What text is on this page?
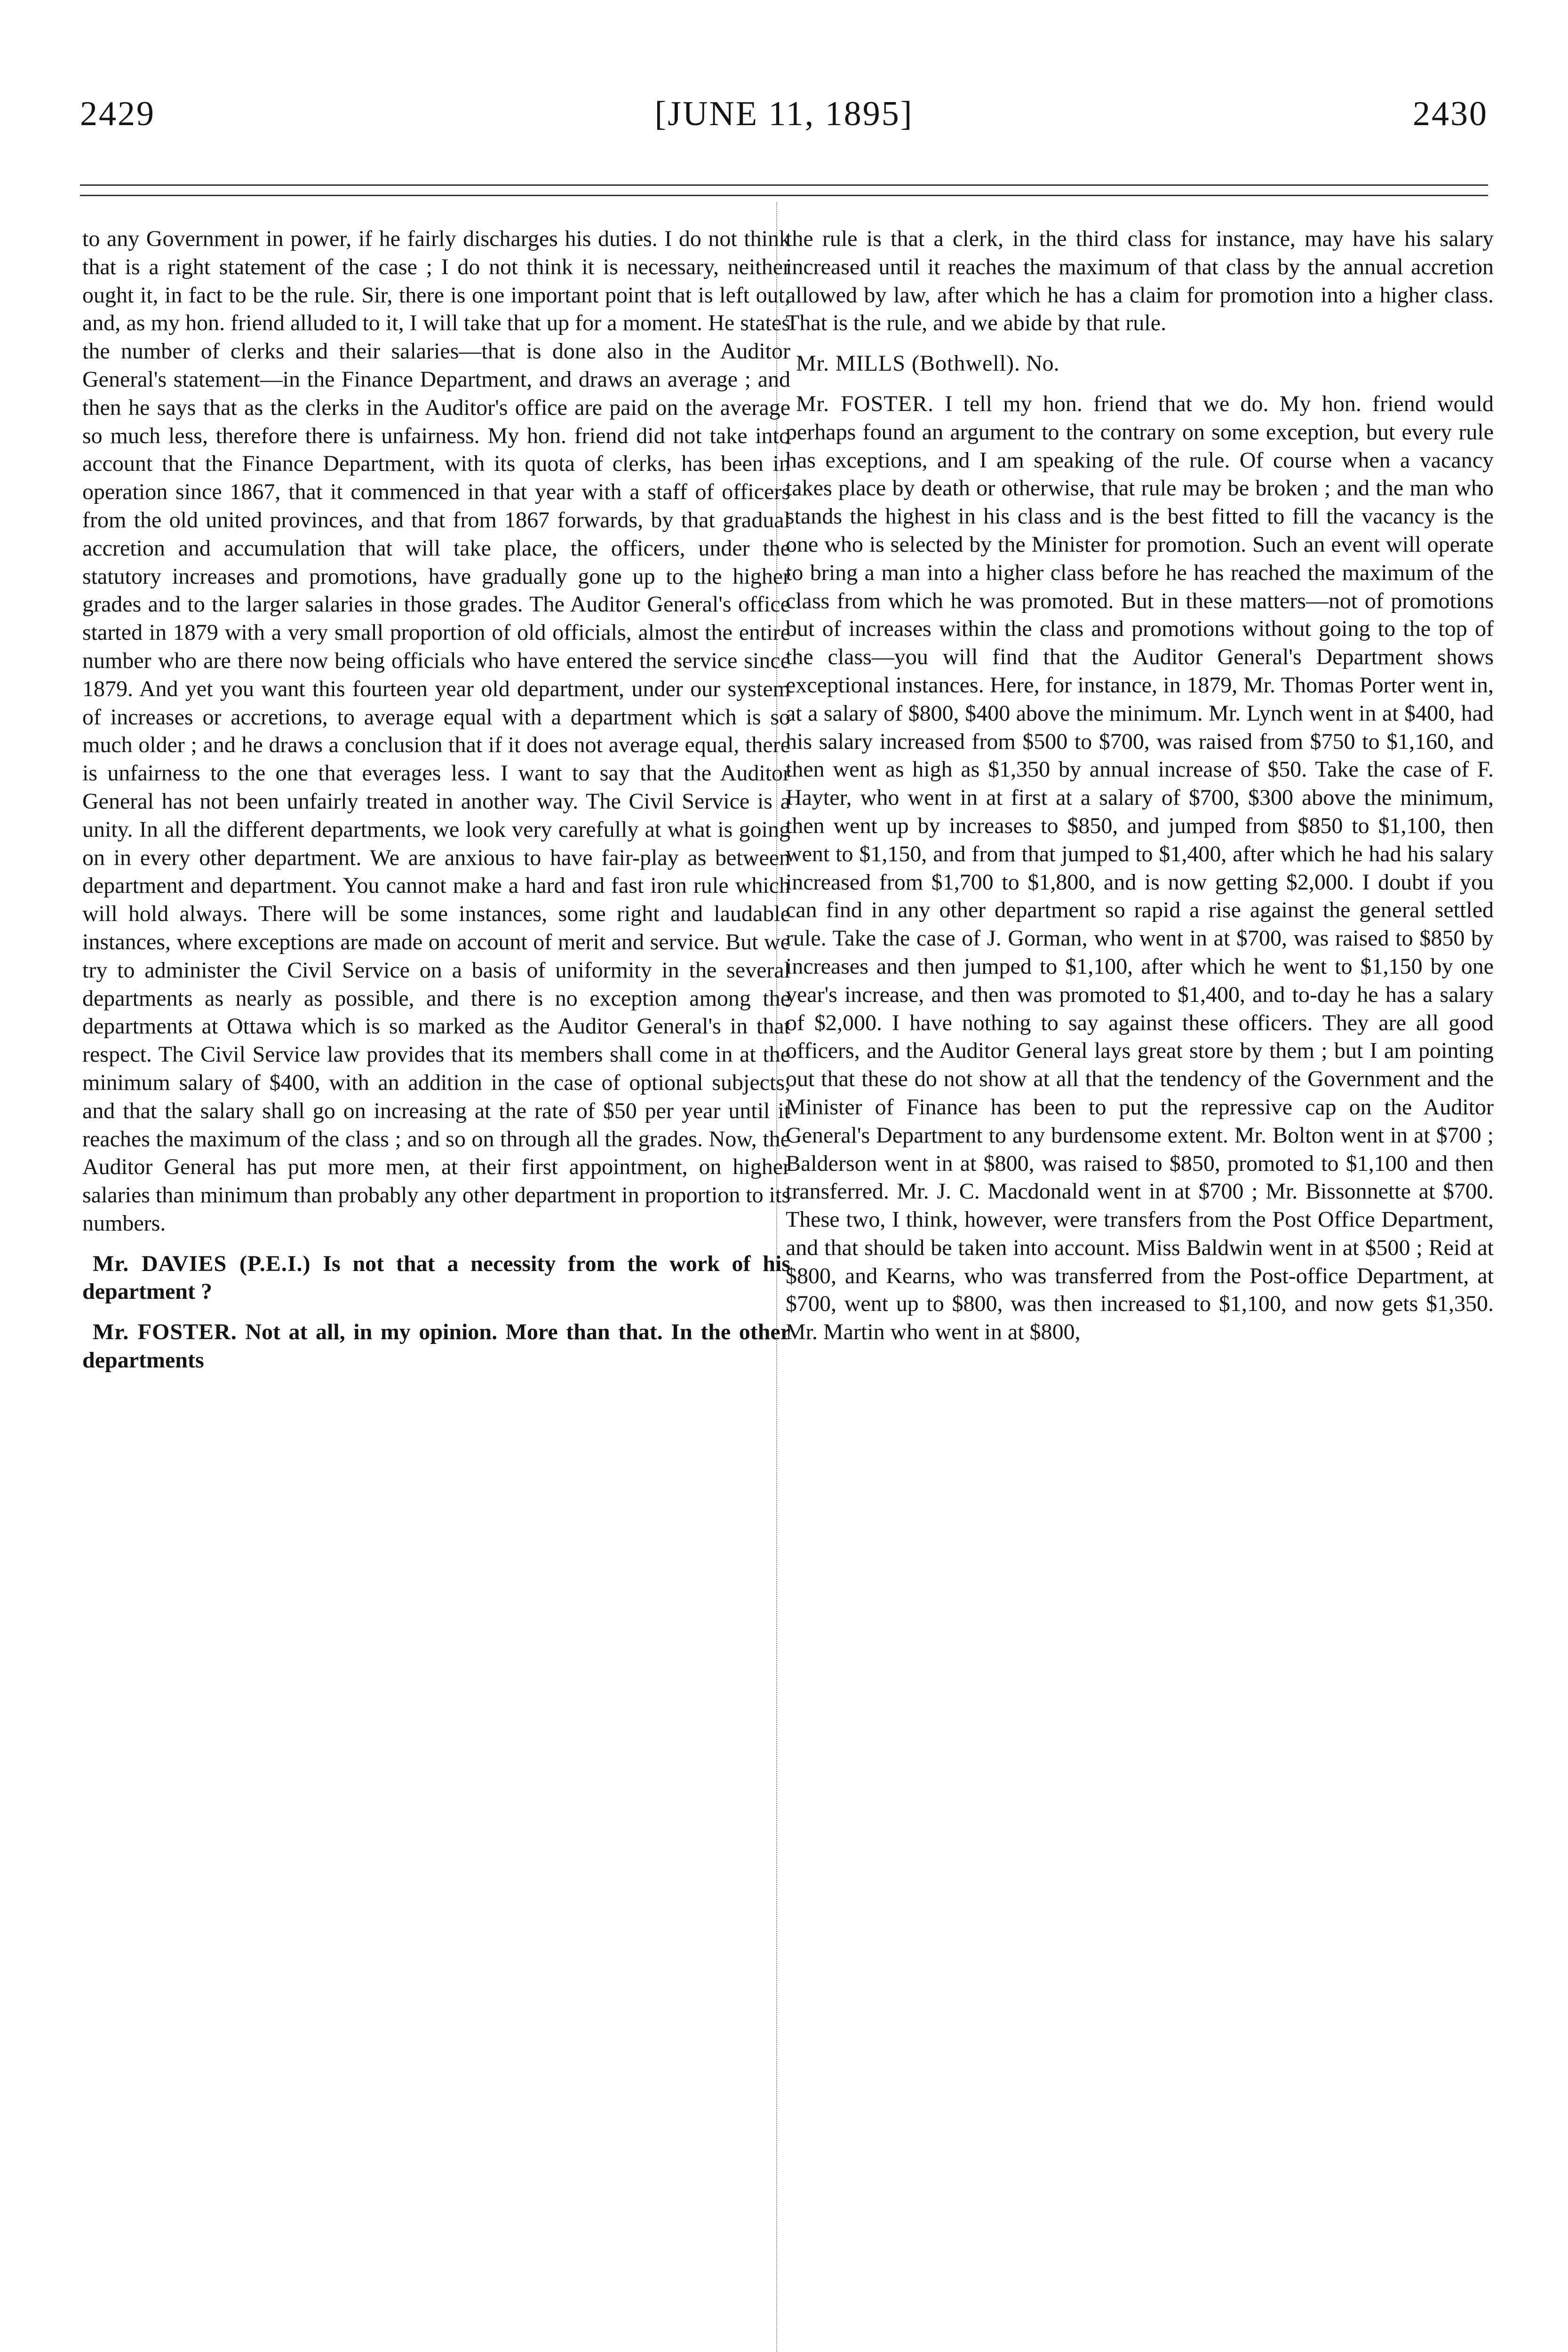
2429	[JUNE 11, 1895]	2430

to any Government in power, if he fairly discharges his duties. I do not think that is a right statement of the case ; I do not think it is necessary, neither ought it, in fact to be the rule. Sir, there is one important point that is left out, and, as my hon. friend alluded to it, I will take that up for a moment. He states the number of clerks and their salaries—that is done also in the Auditor General's statement—in the Finance Department, and draws an average ; and then he says that as the clerks in the Auditor's office are paid on the average so much less, therefore there is unfairness. My hon. friend did not take into account that the Finance Department, with its quota of clerks, has been in operation since 1867, that it commenced in that year with a staff of officers from the old united provinces, and that from 1867 forwards, by that gradual accretion and accumulation that will take place, the officers, under the statutory increases and promotions, have gradually gone up to the higher grades and to the larger salaries in those grades. The Auditor General's office started in 1879 with a very small proportion of old officials, almost the entire number who are there now being officials who have entered the service since 1879. And yet you want this fourteen year old department, under our system of increases or accretions, to average equal with a department which is so much older ; and he draws a conclusion that if it does not average equal, there is unfairness to the one that everages less. I want to say that the Auditor General has not been unfairly treated in another way. The Civil Service is a unity. In all the different departments, we look very carefully at what is going on in every other department. We are anxious to have fair-play as between department and department. You cannot make a hard and fast iron rule which will hold always. There will be some instances, some right and laudable instances, where exceptions are made on account of merit and service. But we try to administer the Civil Service on a basis of uniformity in the several departments as nearly as possible, and there is no exception among the departments at Ottawa which is so marked as the Auditor General's in that respect. The Civil Service law provides that its members shall come in at the minimum salary of $400, with an addition in the case of optional subjects, and that the salary shall go on increasing at the rate of $50 per year until it reaches the maximum of the class ; and so on through all the grades. Now, the Auditor General has put more men, at their first appointment, on higher salaries than minimum than probably any other department in proportion to its numbers.

Mr. DAVIES (P.E.I.) Is not that a necessity from the work of his department ?

Mr. FOSTER. Not at all, in my opinion. More than that. In the other departments

the rule is that a clerk, in the third class for instance, may have his salary increased until it reaches the maximum of that class by the annual accretion allowed by law, after which he has a claim for promotion into a higher class. That is the rule, and we abide by that rule.

Mr. MILLS (Bothwell). No.

Mr. FOSTER. I tell my hon. friend that we do. My hon. friend would perhaps found an argument to the contrary on some exception, but every rule has exceptions, and I am speaking of the rule. Of course when a vacancy takes place by death or otherwise, that rule may be broken ; and the man who stands the highest in his class and is the best fitted to fill the vacancy is the one who is selected by the Minister for promotion. Such an event will operate to bring a man into a higher class before he has reached the maximum of the class from which he was promoted. But in these matters—not of promotions but of increases within the class and promotions without going to the top of the class—you will find that the Auditor General's Department shows exceptional instances. Here, for instance, in 1879, Mr. Thomas Porter went in, at a salary of $800, $400 above the minimum. Mr. Lynch went in at $400, had his salary increased from $500 to $700, was raised from $750 to $1,160, and then went as high as $1,350 by annual increase of $50. Take the case of F. Hayter, who went in at first at a salary of $700, $300 above the minimum, then went up by increases to $850, and jumped from $850 to $1,100, then went to $1,150, and from that jumped to $1,400, after which he had his salary increased from $1,700 to $1,800, and is now getting $2,000. I doubt if you can find in any other department so rapid a rise against the general settled rule. Take the case of J. Gorman, who went in at $700, was raised to $850 by increases and then jumped to $1,100, after which he went to $1,150 by one year's increase, and then was promoted to $1,400, and to-day he has a salary of $2,000. I have nothing to say against these officers. They are all good officers, and the Auditor General lays great store by them ; but I am pointing out that these do not show at all that the tendency of the Government and the Minister of Finance has been to put the repressive cap on the Auditor General's Department to any burdensome extent. Mr. Bolton went in at $700 ; Balderson went in at $800, was raised to $850, promoted to $1,100 and then transferred. Mr. J. C. Macdonald went in at $700 ; Mr. Bissonnette at $700. These two, I think, however, were transfers from the Post Office Department, and that should be taken into account. Miss Baldwin went in at $500 ; Reid at $800, and Kearns, who was transferred from the Post-office Department, at $700, went up to $800, was then increased to $1,100, and now gets $1,350. Mr. Martin who went in at $800,
